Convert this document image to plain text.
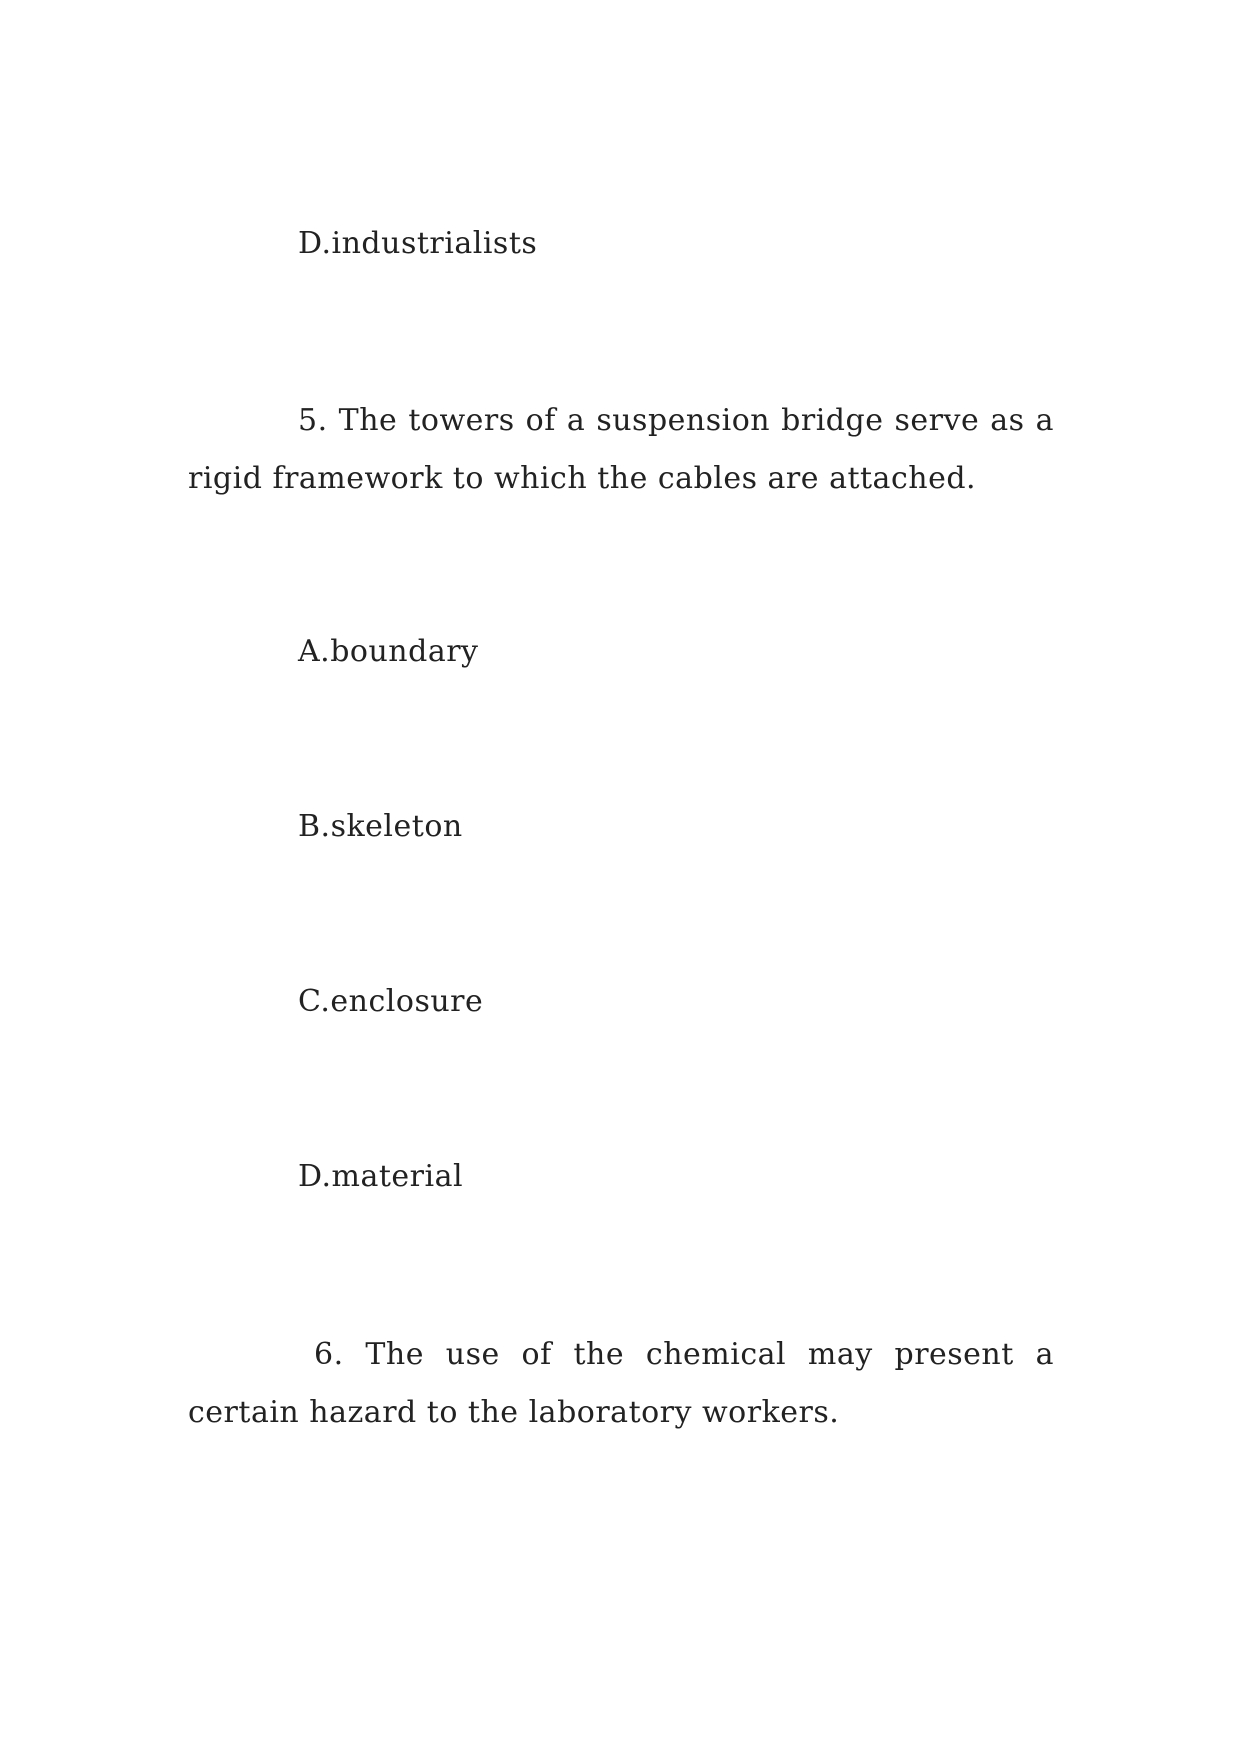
D.industrialists
5. The towers of a suspension bridge serve as a rigid framework to which the cables are attached.
A.boundary
B.skeleton
C.enclosure
D.material
6. The use of the chemical may present a certain hazard to the laboratory workers.
